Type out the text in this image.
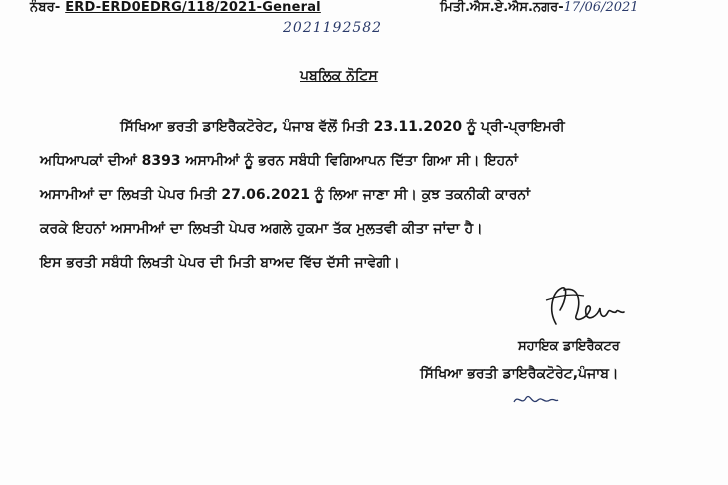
ਨੰਬਰ- ERD-ERD0EDRG/118/2021-General	ਮਿਤੀ.ਐਸ.ਏ.ਐਸ.ਨਗਰ-17/06/2021
2021192582
ਪਬਲਿਕ ਨੋਟਿਸ
ਸਿੱਖਿਆ ਭਰਤੀ ਡਾਇਰੈਕਟੋਰੇਟ, ਪੰਜਾਬ ਵੱਲੋਂ ਮਿਤੀ 23.11.2020 ਨੂੰ ਪ੍ਰੀ-ਪ੍ਰਾਇਮਰੀ
ਅਧਿਆਪਕਾਂ ਦੀਆਂ 8393 ਅਸਾਮੀਆਂ ਨੂੰ ਭਰਨ ਸਬੰਧੀ ਵਿਗਿਆਪਨ ਦਿੱਤਾ ਗਿਆ ਸੀ। ਇਹਨਾਂ
ਅਸਾਮੀਆਂ ਦਾ ਲਿਖਤੀ ਪੇਪਰ ਮਿਤੀ 27.06.2021 ਨੂੰ ਲਿਆ ਜਾਣਾ ਸੀ। ਕੁਝ ਤਕਨੀਕੀ ਕਾਰਨਾਂ
ਕਰਕੇ ਇਹਨਾਂ ਅਸਾਮੀਆਂ ਦਾ ਲਿਖਤੀ ਪੇਪਰ ਅਗਲੇ ਹੁਕਮਾ ਤੱਕ ਮੁਲਤਵੀ ਕੀਤਾ ਜਾਂਦਾ ਹੈ।
ਇਸ ਭਰਤੀ ਸਬੰਧੀ ਲਿਖਤੀ ਪੇਪਰ ਦੀ ਮਿਤੀ ਬਾਅਦ ਵਿੱਚ ਦੱਸੀ ਜਾਵੇਗੀ।
ਸਹਾਇਕ ਡਾਇਰੈਕਟਰ
ਸਿੱਖਿਆ ਭਰਤੀ ਡਾਇਰੈਕਟੋਰੇਟ,ਪੰਜਾਬ।
